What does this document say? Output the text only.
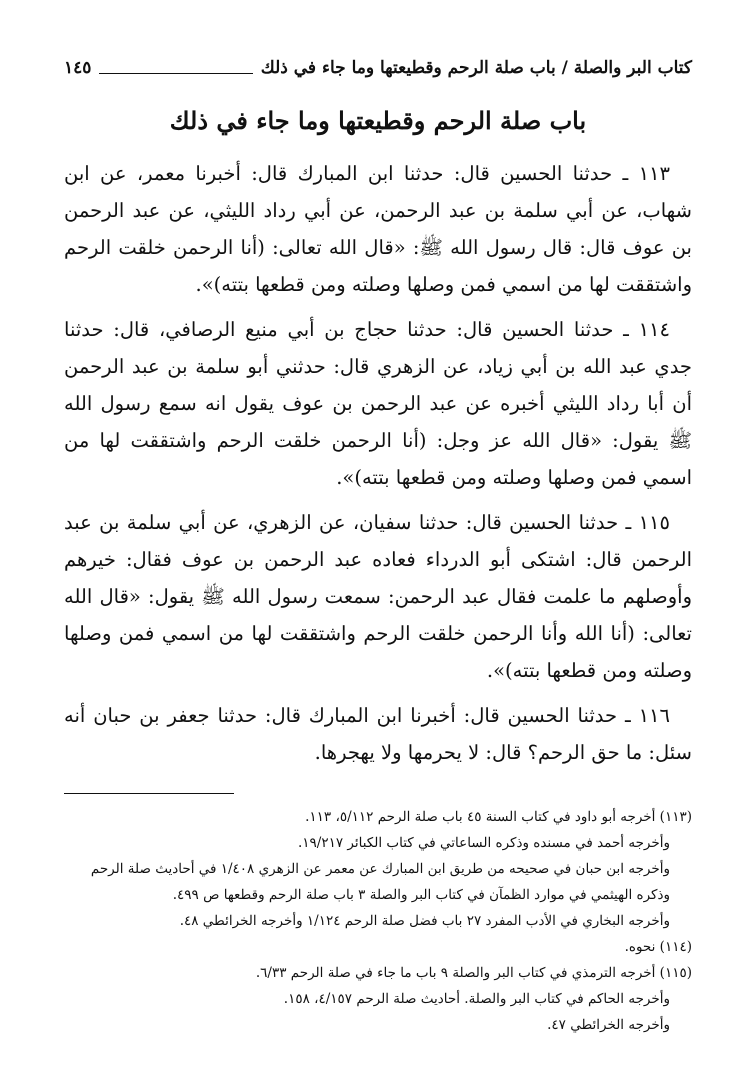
كتاب البر والصلة / باب صلة الرحم وقطيعتها وما جاء في ذلك
١٤٥
باب صلة الرحم وقطيعتها وما جاء في ذلك

١١٣ ـ حدثنا الحسين قال: حدثنا ابن المبارك قال: أخبرنا معمر، عن ابن شهاب، عن أبي سلمة بن عبد الرحمن، عن أبي رداد الليثي، عن عبد الرحمن بن عوف قال: قال رسول الله ﷺ: «قال الله تعالى: (أنا الرحمن خلقت الرحم واشتققت لها من اسمي فمن وصلها وصلته ومن قطعها بتته)».

١١٤ ـ حدثنا الحسين قال: حدثنا حجاج بن أبي منيع الرصافي، قال: حدثنا جدي عبد الله بن أبي زياد، عن الزهري قال: حدثني أبو سلمة بن عبد الرحمن أن أبا رداد الليثي أخبره عن عبد الرحمن بن عوف يقول انه سمع رسول الله ﷺ يقول: «قال الله عز وجل: (أنا الرحمن خلقت الرحم واشتققت لها من اسمي فمن وصلها وصلته ومن قطعها بتته)».

١١٥ ـ حدثنا الحسين قال: حدثنا سفيان، عن الزهري، عن أبي سلمة بن عبد الرحمن قال: اشتكى أبو الدرداء فعاده عبد الرحمن بن عوف فقال: خيرهم وأوصلهم ما علمت فقال عبد الرحمن: سمعت رسول الله ﷺ يقول: «قال الله تعالى: (أنا الله وأنا الرحمن خلقت الرحم واشتققت لها من اسمي فمن وصلها وصلته ومن قطعها بتته)».

١١٦ ـ حدثنا الحسين قال: أخبرنا ابن المبارك قال: حدثنا جعفر بن حبان أنه سئل: ما حق الرحم؟ قال: لا يحرمها ولا يهجرها.

(١١٣) أخرجه أبو داود في كتاب السنة ٤٥ باب صلة الرحم ٥/١١٢، ١١٣.

وأخرجه أحمد في مسنده وذكره الساعاتي في كتاب الكبائر ١٩/٢١٧.

وأخرجه ابن حبان في صحيحه من طريق ابن المبارك عن معمر عن الزهري ١/٤٠٨ في أحاديث صلة الرحم وذكره الهيثمي في موارد الظمآن في كتاب البر والصلة ٣ باب صلة الرحم وقطعها ص ٤٩٩.

وأخرجه البخاري في الأدب المفرد ٢٧ باب فضل صلة الرحم ١/١٢٤ وأخرجه الخرائطي ٤٨.

(١١٤) نحوه.

(١١٥) أخرجه الترمذي في كتاب البر والصلة ٩ باب ما جاء في صلة الرحم ٦/٣٣.

وأخرجه الحاكم في كتاب البر والصلة. أحاديث صلة الرحم ٤/١٥٧، ١٥٨.

وأخرجه الخرائطي ٤٧.
